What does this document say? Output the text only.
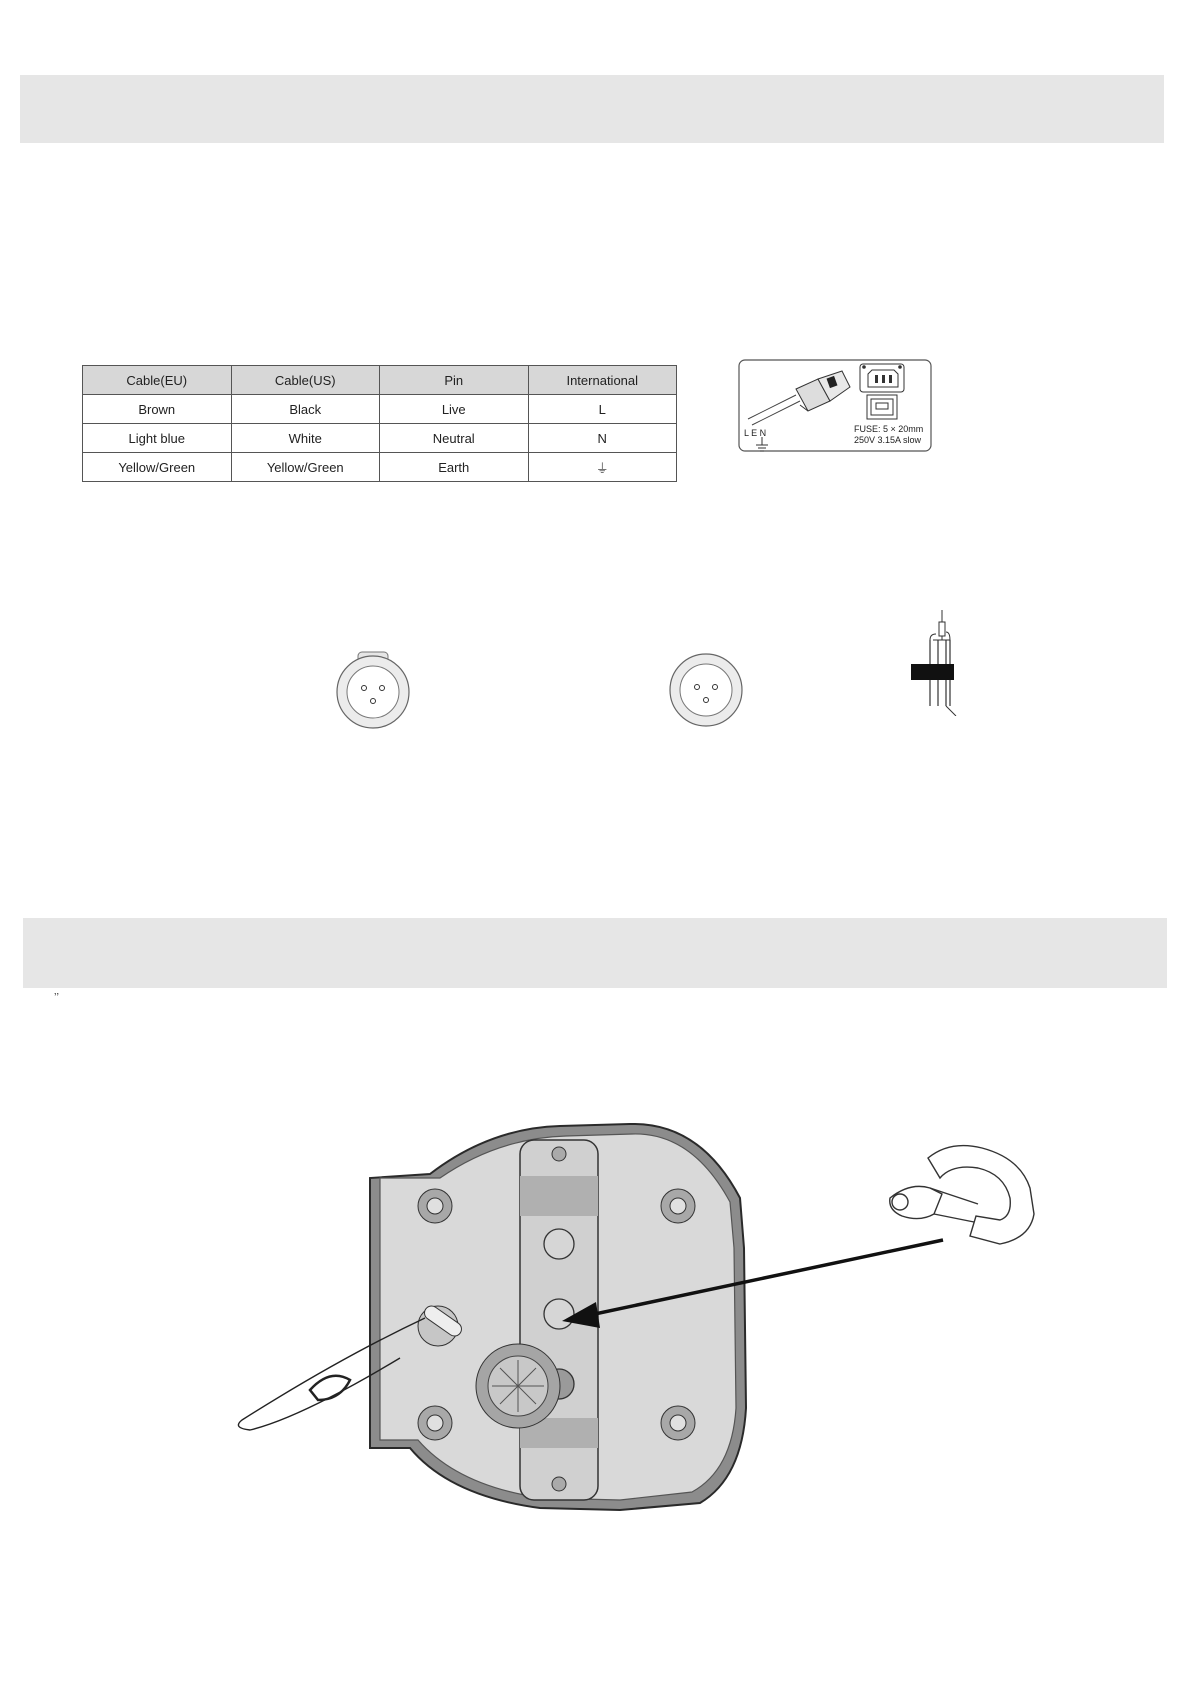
Cable(EU)	Cable(US)	Pin	International
Brown	Black	Live	L
Light blue	White	Neutral	N
Yellow/Green	Yellow/Green	Earth	⏚
L E N	FUSE: 5 × 20mm
250V 3.15A slow
‚‚
